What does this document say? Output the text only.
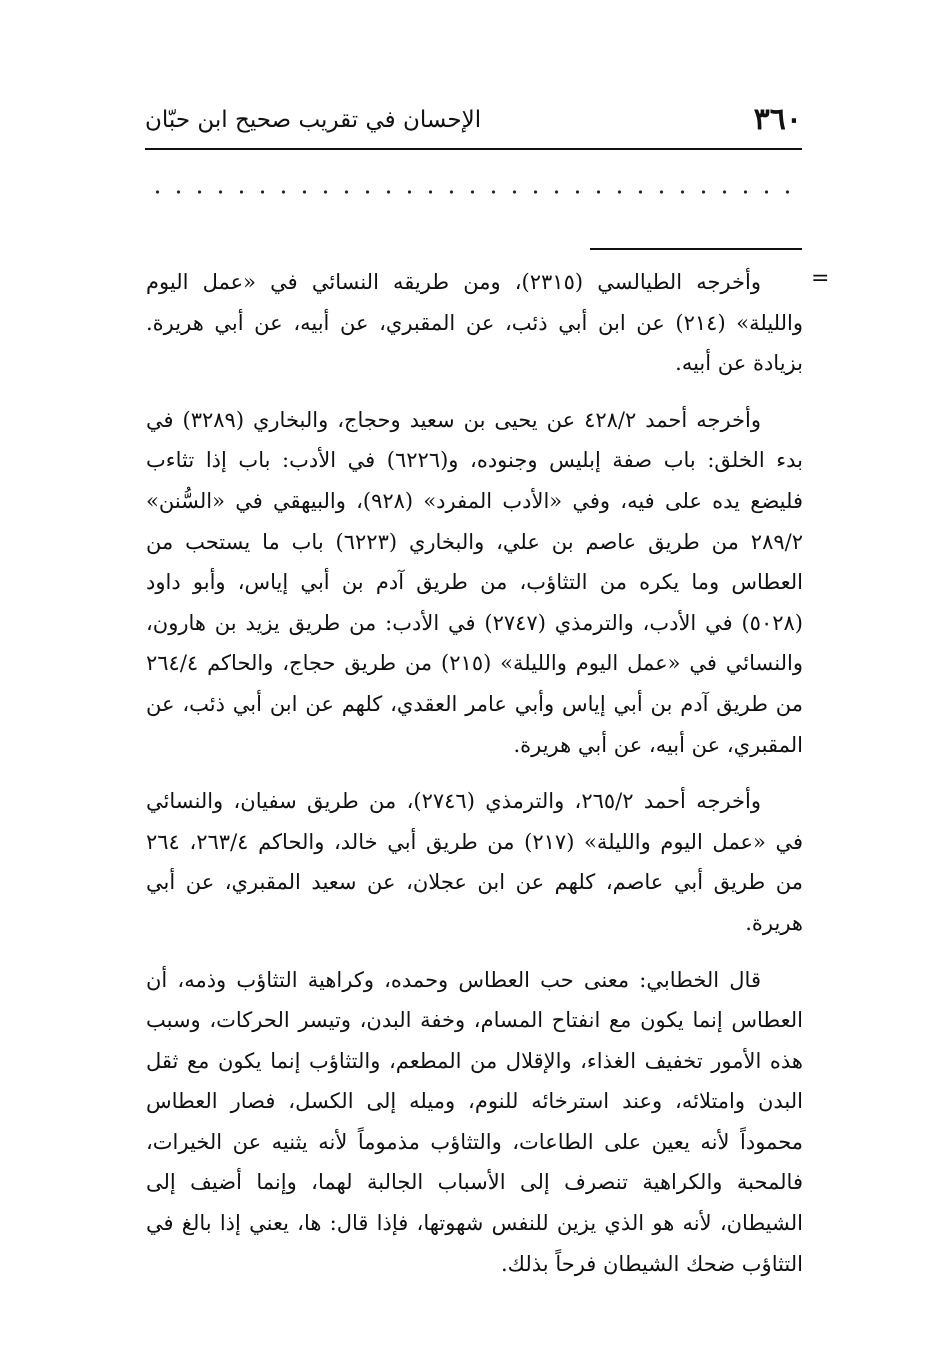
٣٦٠
الإحسان في تقريب صحيح ابن حبّان
=

وأخرجه الطيالسي (٢٣١٥)، ومن طريقه النسائي في «عمل اليوم والليلة» (٢١٤) عن ابن أبي ذئب، عن المقبري، عن أبيه، عن أبي هريرة. بزيادة عن أبيه.

وأخرجه أحمد ٤٢٨/٢ عن يحيى بن سعيد وحجاج، والبخاري (٣٢٨٩) في بدء الخلق: باب صفة إبليس وجنوده، و(٦٢٢٦) في الأدب: باب إذا تثاءب فليضع يده على فيه، وفي «الأدب المفرد» (٩٢٨)، والبيهقي في «السُّنن» ٢٨٩/٢ من طريق عاصم بن علي، والبخاري (٦٢٢٣) باب ما يستحب من العطاس وما يكره من التثاؤب، من طريق آدم بن أبي إياس، وأبو داود (٥٠٢٨) في الأدب، والترمذي (٢٧٤٧) في الأدب: من طريق يزيد بن هارون، والنسائي في «عمل اليوم والليلة» (٢١٥) من طريق حجاج، والحاكم ٢٦٤/٤ من طريق آدم بن أبي إياس وأبي عامر العقدي، كلهم عن ابن أبي ذئب، عن المقبري، عن أبيه، عن أبي هريرة.

وأخرجه أحمد ٢٦٥/٢، والترمذي (٢٧٤٦)، من طريق سفيان، والنسائي في «عمل اليوم والليلة» (٢١٧) من طريق أبي خالد، والحاكم ٢٦٣/٤، ٢٦٤ من طريق أبي عاصم، كلهم عن ابن عجلان، عن سعيد المقبري، عن أبي هريرة.

قال الخطابي: معنى حب العطاس وحمده، وكراهية التثاؤب وذمه، أن العطاس إنما يكون مع انفتاح المسام، وخفة البدن، وتيسر الحركات، وسبب هذه الأمور تخفيف الغذاء، والإقلال من المطعم، والتثاؤب إنما يكون مع ثقل البدن وامتلائه، وعند استرخائه للنوم، وميله إلى الكسل، فصار العطاس محموداً لأنه يعين على الطاعات، والتثاؤب مذموماً لأنه يثنيه عن الخيرات، فالمحبة والكراهية تنصرف إلى الأسباب الجالبة لهما، وإنما أضيف إلى الشيطان، لأنه هو الذي يزين للنفس شهوتها، فإذا قال: ها، يعني إذا بالغ في التثاؤب ضحك الشيطان فرحاً بذلك.
